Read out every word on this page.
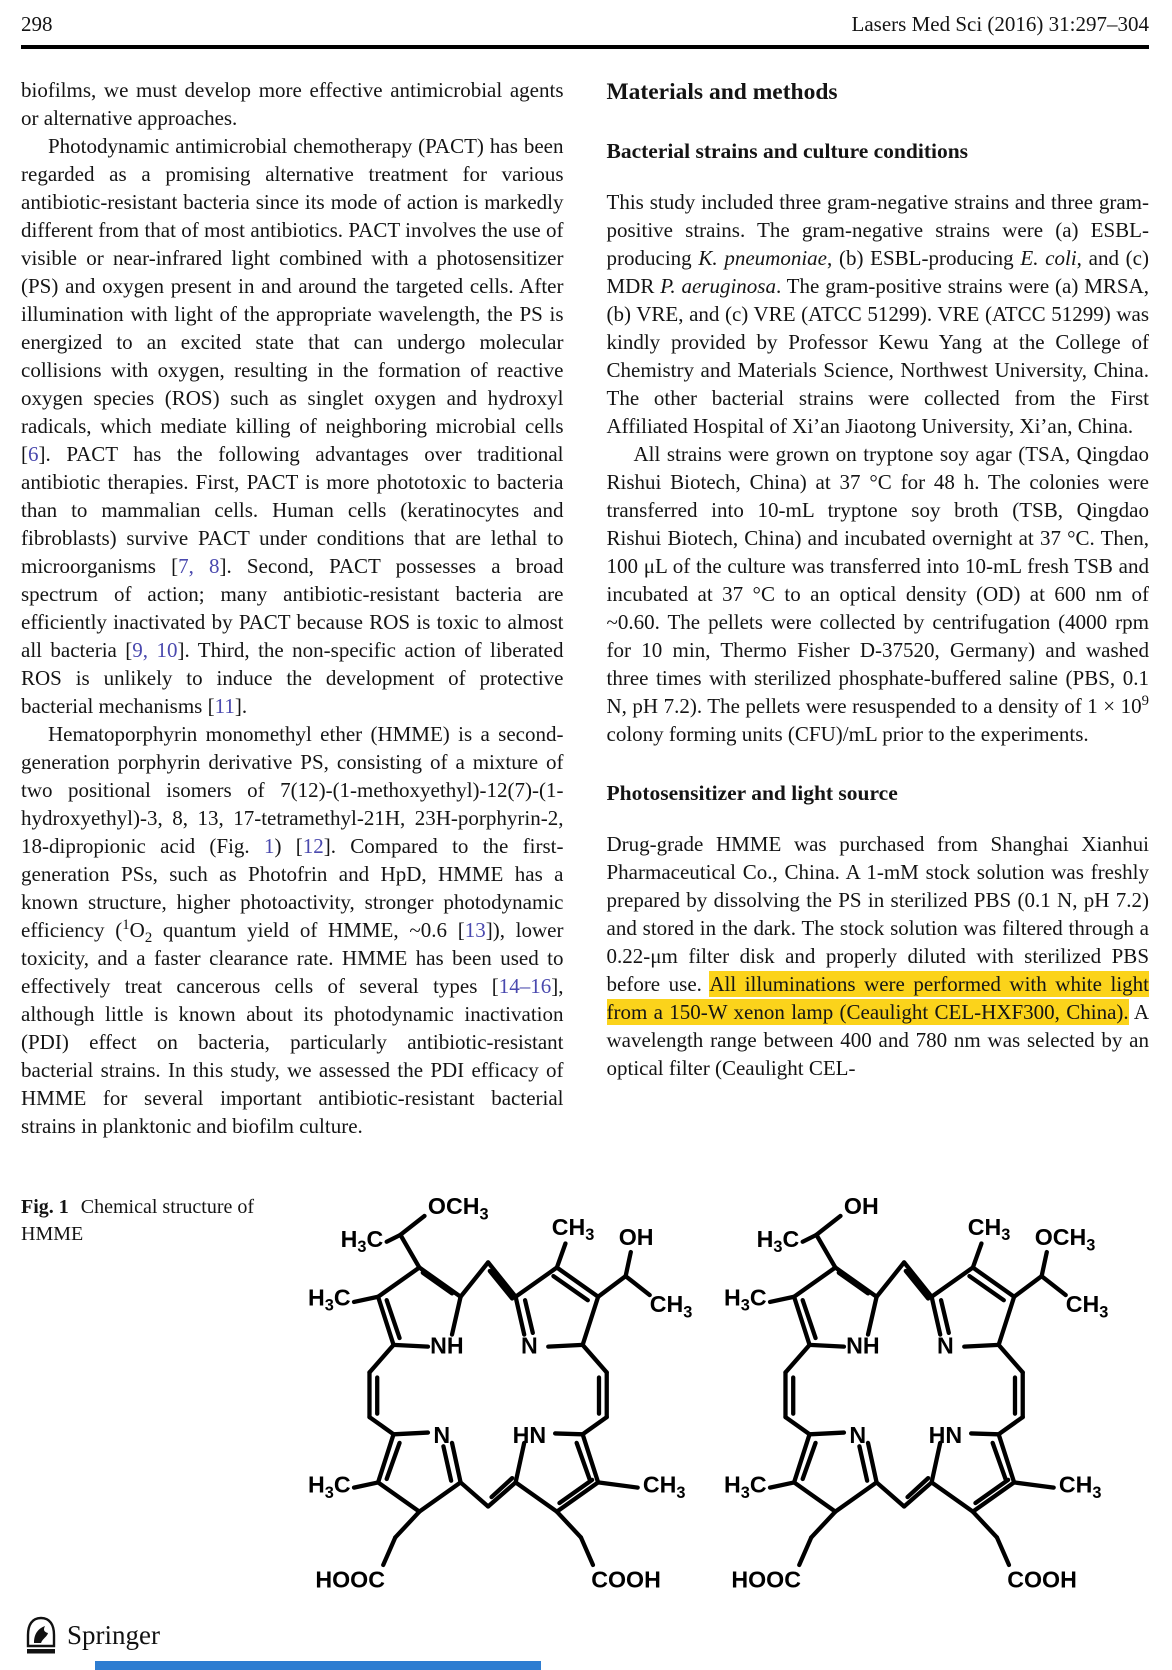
298	Lasers Med Sci (2016) 31:297–304

biofilms, we must develop more effective antimicrobial agents or alternative approaches.

Photodynamic antimicrobial chemotherapy (PACT) has been regarded as a promising alternative treatment for various antibiotic-resistant bacteria since its mode of action is markedly different from that of most antibiotics. PACT involves the use of visible or near-infrared light combined with a photosensitizer (PS) and oxygen present in and around the targeted cells. After illumination with light of the appropriate wavelength, the PS is energized to an excited state that can undergo molecular collisions with oxygen, resulting in the formation of reactive oxygen species (ROS) such as singlet oxygen and hydroxyl radicals, which mediate killing of neighboring microbial cells [6]. PACT has the following advantages over traditional antibiotic therapies. First, PACT is more phototoxic to bacteria than to mammalian cells. Human cells (keratinocytes and fibroblasts) survive PACT under conditions that are lethal to microorganisms [7, 8]. Second, PACT possesses a broad spectrum of action; many antibiotic-resistant bacteria are efficiently inactivated by PACT because ROS is toxic to almost all bacteria [9, 10]. Third, the non-specific action of liberated ROS is unlikely to induce the development of protective bacterial mechanisms [11].

Hematoporphyrin monomethyl ether (HMME) is a second-generation porphyrin derivative PS, consisting of a mixture of two positional isomers of 7(12)-(1-methoxyethyl)-12(7)-(1-hydroxyethyl)-3, 8, 13, 17-tetramethyl-21H, 23H-porphyrin-2, 18-dipropionic acid (Fig. 1) [12]. Compared to the first-generation PSs, such as Photofrin and HpD, HMME has a known structure, higher photoactivity, stronger photodynamic efficiency ($^1O_2$ quantum yield of HMME, ~0.6 [13]), lower toxicity, and a faster clearance rate. HMME has been used to effectively treat cancerous cells of several types [14–16], although little is known about its photodynamic inactivation (PDI) effect on bacteria, particularly antibiotic-resistant bacterial strains. In this study, we assessed the PDI efficacy of HMME for several important antibiotic-resistant bacterial strains in planktonic and biofilm culture.

Materials and methods
Bacterial strains and culture conditions

This study included three gram-negative strains and three gram-positive strains. The gram-negative strains were (a) ESBL-producing K. pneumoniae, (b) ESBL-producing E. coli, and (c) MDR P. aeruginosa. The gram-positive strains were (a) MRSA, (b) VRE, and (c) VRE (ATCC 51299). VRE (ATCC 51299) was kindly provided by Professor Kewu Yang at the College of Chemistry and Materials Science, Northwest University, China. The other bacterial strains were collected from the First Affiliated Hospital of Xi’an Jiaotong University, Xi’an, China.

All strains were grown on tryptone soy agar (TSA, Qingdao Rishui Biotech, China) at 37 °C for 48 h. The colonies were transferred into 10-mL tryptone soy broth (TSB, Qingdao Rishui Biotech, China) and incubated overnight at 37 °C. Then, 100 μL of the culture was transferred into 10-mL fresh TSB and incubated at 37 °C to an optical density (OD) at 600 nm of ~0.60. The pellets were collected by centrifugation (4000 rpm for 10 min, Thermo Fisher D-37520, Germany) and washed three times with sterilized phosphate-buffered saline (PBS, 0.1 N, pH 7.2). The pellets were resuspended to a density of $1 \times 10^9$ colony forming units (CFU)/mL prior to the experiments.

Photosensitizer and light source

Drug-grade HMME was purchased from Shanghai Xianhui Pharmaceutical Co., China. A 1-mM stock solution was freshly prepared by dissolving the PS in sterilized PBS (0.1 N, pH 7.2) and stored in the dark. The stock solution was filtered through a 0.22-μm filter disk and properly diluted with sterilized PBS before use. All illuminations were performed with white light from a 150-W xenon lamp (Ceaulight CEL-HXF300, China). A wavelength range between 400 and 780 nm was selected by an optical filter (Ceaulight CEL-

Fig. 1 Chemical structure of HMME
$OCH_3$
$H_3C$
$H_3C$
$CH_3$ OH
$CH_3$
NH N
N HN
$H_3C$	$CH_3$
HOOC	COOH
OH
$H_3C$
$H_3C$
$CH_3$ $OCH_3$
$CH_3$
NH N
N HN
$H_3C$	$CH_3$
HOOC	COOH
Springer
